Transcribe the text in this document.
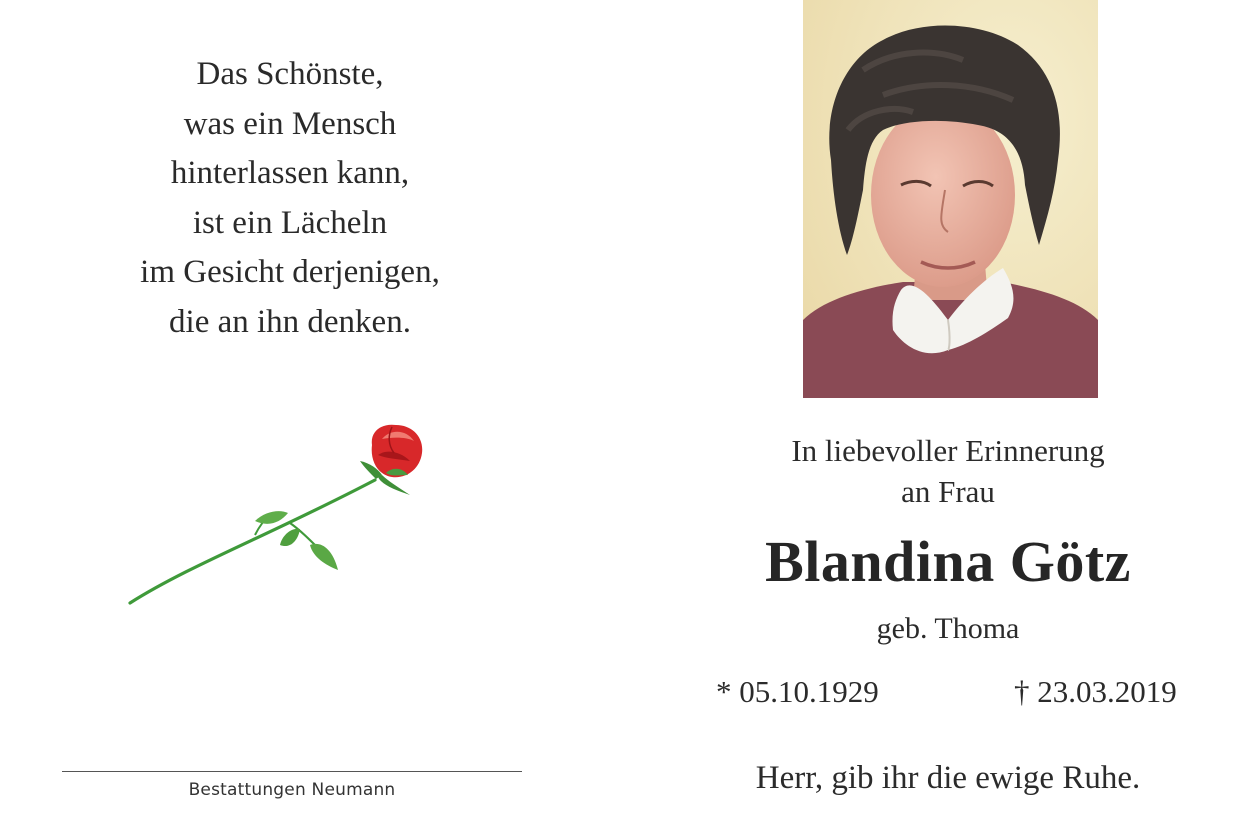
Das Schönste,
was ein Mensch
hinterlassen kann,
ist ein Lächeln
im Gesicht derjenigen,
die an ihn denken.
Bestattungen Neumann
In liebevoller Erinnerung
an Frau
Blandina Götz
geb. Thoma
* 05.10.1929	† 23.03.2019
Herr, gib ihr die ewige Ruhe.
